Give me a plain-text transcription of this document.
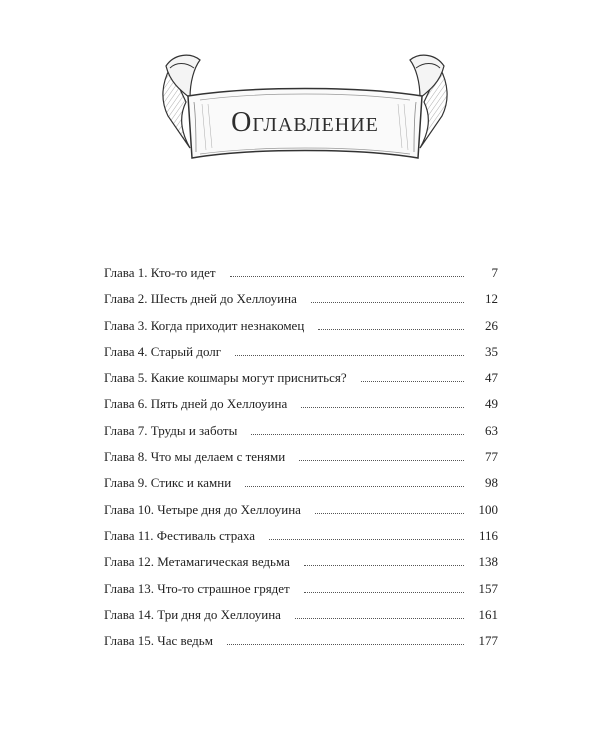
Оглавление
Глава 1. Кто-то идет	7
Глава 2. Шесть дней до Хеллоуина	12
Глава 3. Когда приходит незнакомец	26
Глава 4. Старый долг	35
Глава 5. Какие кошмары могут присниться?	47
Глава 6. Пять дней до Хеллоуина	49
Глава 7. Труды и заботы	63
Глава 8. Что мы делаем с тенями	77
Глава 9. Стикс и камни	98
Глава 10. Четыре дня до Хеллоуина	100
Глава 11. Фестиваль страха	116
Глава 12. Метамагическая ведьма	138
Глава 13. Что-то страшное грядет	157
Глава 14. Три дня до Хеллоуина	161
Глава 15. Час ведьм	177
